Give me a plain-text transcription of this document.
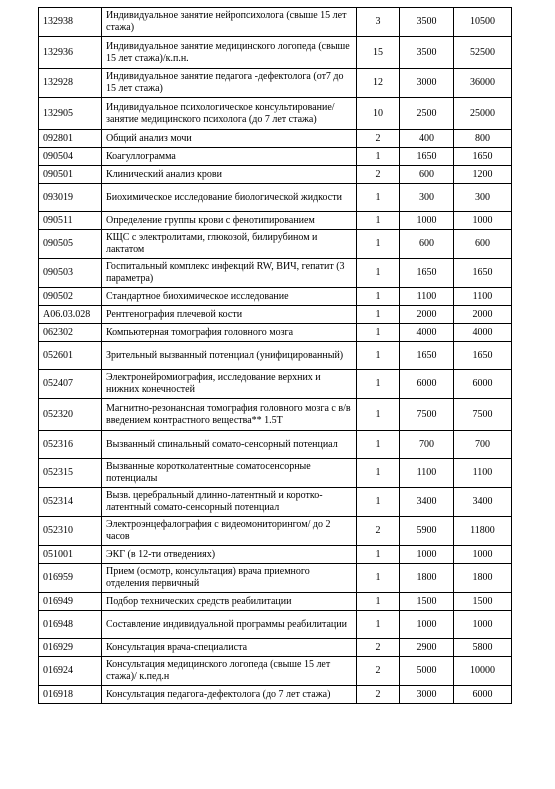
132938	Индивидуальное занятие нейропсихолога (свыше 15 лет стажа)	3	3500	10500
132936	Индивидуальное занятие медицинского логопеда (свыше 15 лет стажа)/к.п.н.	15	3500	52500
132928	Индивидуальное занятие педагога -дефектолога (от7 до 15 лет стажа)	12	3000	36000
132905	Индивидуальное психологическое консультирование/ занятие медицинского психолога (до 7 лет стажа)	10	2500	25000
092801	Общий анализ мочи	2	400	800
090504	Коагуллограмма	1	1650	1650
090501	Клинический анализ крови	2	600	1200
093019	Биохимическое исследование биологической жидкости	1	300	300
090511	Определение группы крови с фенотипированием	1	1000	1000
090505	КЩС с электролитами, глюкозой, билирубином и лактатом	1	600	600
090503	Госпитальный комплекс инфекций RW, ВИЧ, гепатит (3 параметра)	1	1650	1650
090502	Стандартное биохимическое исследование	1	1100	1100
A06.03.028	Рентгенография плечевой кости	1	2000	2000
062302	Компьютерная томография головного мозга	1	4000	4000
052601	Зрительный вызванный потенциал (унифицированный)	1	1650	1650
052407	Электронейромиография, исследование верхних и нижних конечностей	1	6000	6000
052320	Магнитно-резонансная томография головного мозга с в/в введением контрастного вещества** 1.5T	1	7500	7500
052316	Вызванный спинальный сомато-сенсорный потенциал	1	700	700
052315	Вызванные коротколатентные соматосенсорные потенциалы	1	1100	1100
052314	Вызв. церебральный длинно-латентный и коротко-латентный сомато-сенсорный потенциал	1	3400	3400
052310	Электроэнцефалография с видеомониторингом/ до 2 часов	2	5900	11800
051001	ЭКГ (в 12-ти отведениях)	1	1000	1000
016959	Прием (осмотр, консультация) врача приемного отделения первичный	1	1800	1800
016949	Подбор технических средств реабилитации	1	1500	1500
016948	Составление индивидуальной программы реабилитации	1	1000	1000
016929	Консультация врача-специалиста	2	2900	5800
016924	Консультация медицинского логопеда (свыше 15 лет стажа)/ к.пед.н	2	5000	10000
016918	Консультация педагога-дефектолога (до 7 лет стажа)	2	3000	6000
